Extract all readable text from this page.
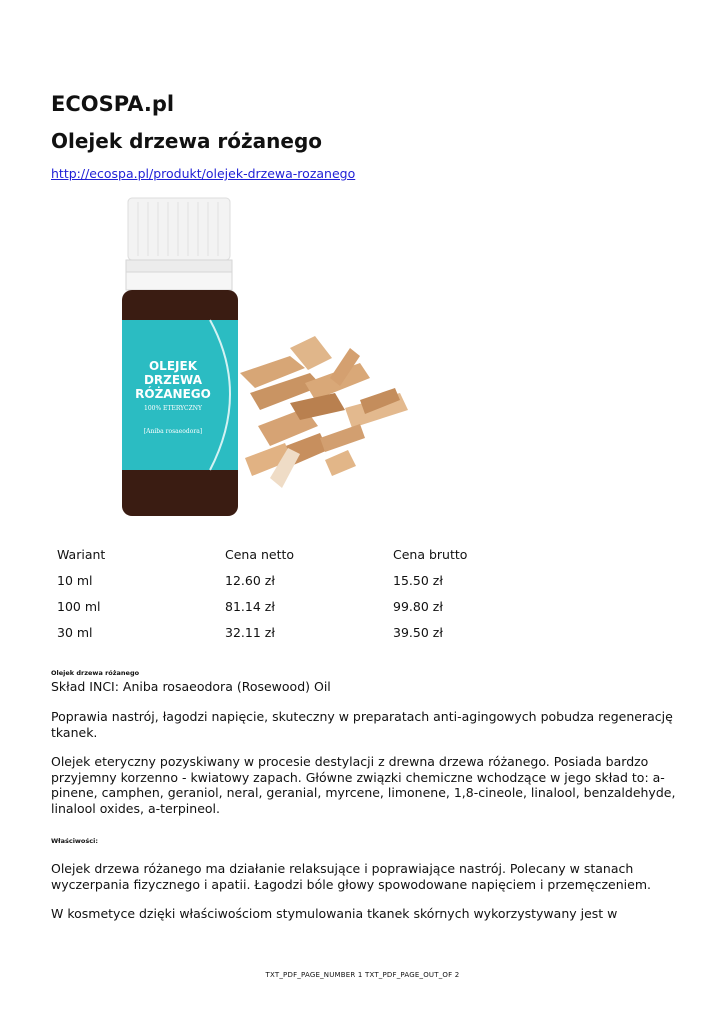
ECOSPA.pl
Olejek drzewa różanego
http://ecospa.pl/produkt/olejek-drzewa-rozanego
OLEJEK
DRZEWA
RÓŻANEGO
100% ETERYCZNY
[Aniba rosaeodora]
Wariant	Cena netto	Cena brutto
10 ml	12.60 zł	15.50 zł
100 ml	81.14 zł	99.80 zł
30 ml	32.11 zł	39.50 zł
Olejek drzewa różanego

Skład INCI: Aniba rosaeodora (Rosewood) Oil

Poprawia nastrój, łagodzi napięcie, skuteczny w preparatach anti-agingowych pobudza regenerację tkanek.

Olejek eteryczny pozyskiwany w procesie destylacji z drewna drzewa różanego. Posiada bardzo przyjemny korzenno - kwiatowy zapach. Główne związki chemiczne wchodzące w jego skład to: a-pinene, camphen, geraniol, neral, geranial, myrcene, limonene, 1,8-cineole, linalool, benzaldehyde, linalool oxides, a-terpineol.

Właściwości:

Olejek drzewa różanego ma działanie relaksujące i poprawiające nastrój. Polecany w stanach wyczerpania fizycznego i apatii. Łagodzi bóle głowy spowodowane napięciem i przemęczeniem.

W kosmetyce dzięki właściwościom stymulowania tkanek skórnych wykorzystywany jest w

TXT_PDF_PAGE_NUMBER 1 TXT_PDF_PAGE_OUT_OF 2
